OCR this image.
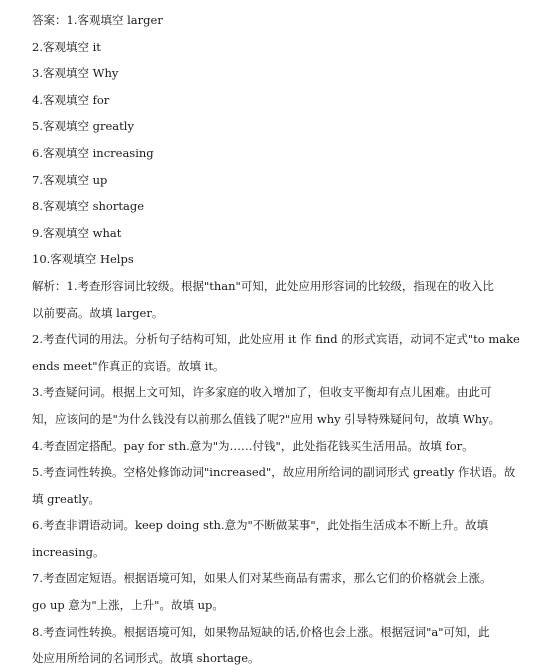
答案：1.客观填空 larger

2.客观填空 it

3.客观填空 Why

4.客观填空 for

5.客观填空 greatly

6.客观填空 increasing

7.客观填空 up

8.客观填空 shortage

9.客观填空 what

10.客观填空 Helps

解析：1.考查形容词比较级。根据"than"可知，此处应用形容词的比较级，指现在的收入比

以前要高。故填 larger。

2.考查代词的用法。分析句子结构可知，此处应用 it 作 find 的形式宾语，动词不定式"to make

ends meet"作真正的宾语。故填 it。

3.考查疑问词。根据上文可知，许多家庭的收入增加了，但收支平衡却有点儿困难。由此可

知，应该问的是"为什么钱没有以前那么值钱了呢?"应用 why 引导特殊疑问句，故填 Why。

4.考查固定搭配。pay for sth.意为"为……付钱"，此处指花钱买生活用品。故填 for。

5.考查词性转换。空格处修饰动词"increased"，故应用所给词的副词形式 greatly 作状语。故

填 greatly。

6.考查非谓语动词。keep doing sth.意为"不断做某事"，此处指生活成本不断上升。故填

increasing。

7.考查固定短语。根据语境可知，如果人们对某些商品有需求，那么它们的价格就会上涨。

go up 意为"上涨，上升"。故填 up。

8.考查词性转换。根据语境可知，如果物品短缺的话,价格也会上涨。根据冠词"a"可知，此

处应用所给词的名词形式。故填 shortage。
